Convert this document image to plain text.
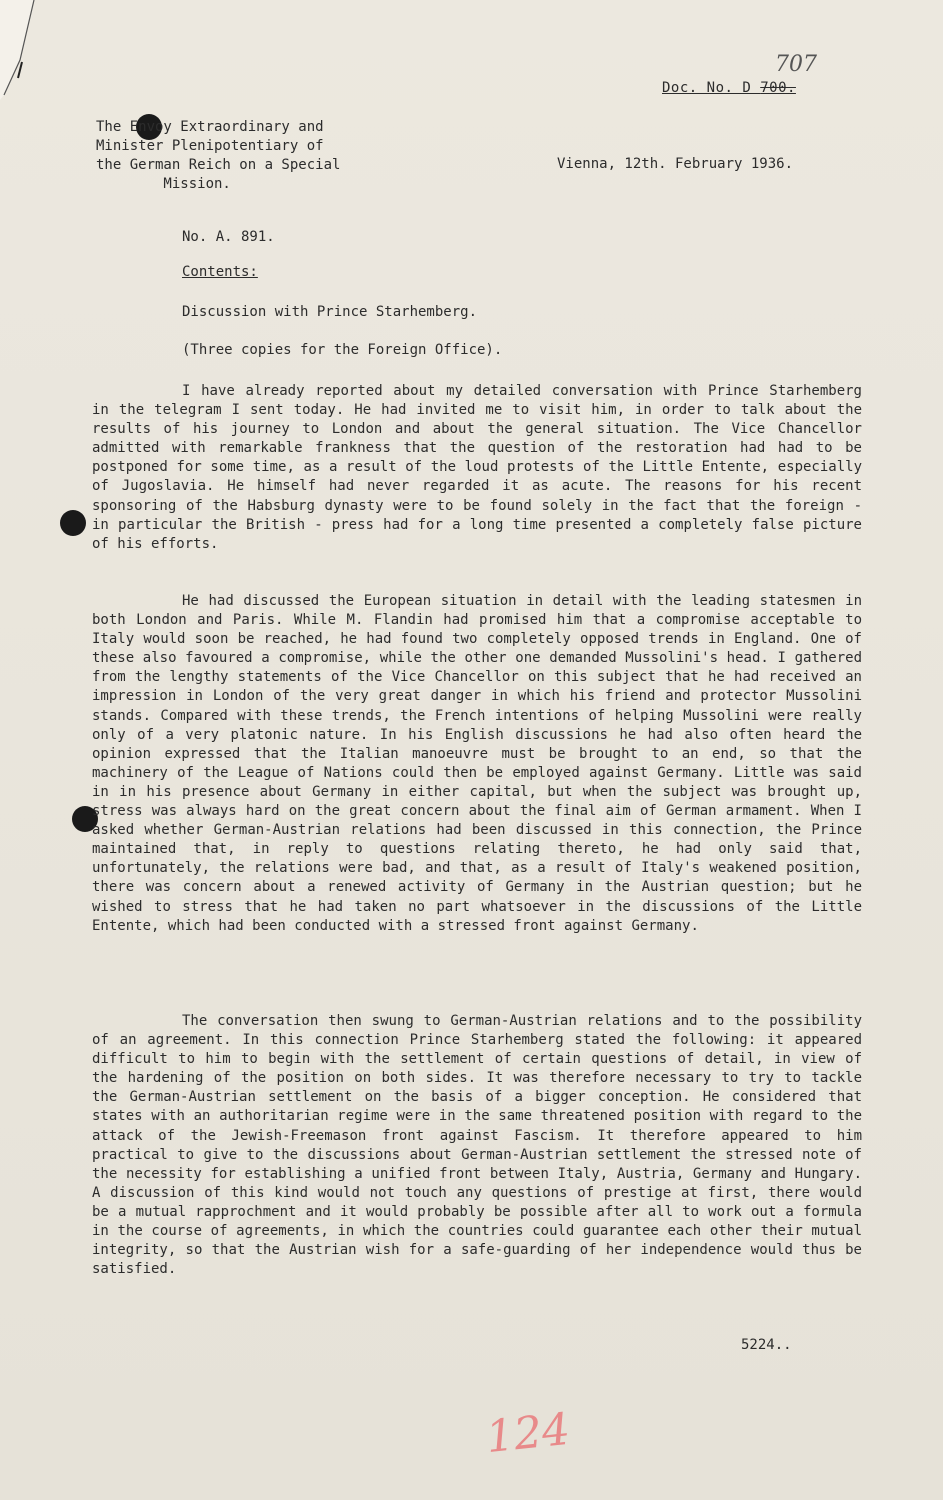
707
Doc. No. D 700.
The Envoy Extraordinary and
Minister Plenipotentiary of
the German Reich on a Special
Mission.
Vienna, 12th. February 1936.
No. A. 891.
Contents:
Discussion with Prince Starhemberg.
(Three copies for the Foreign Office).

I have already reported about my detailed conversation with Prince Starhemberg in the telegram I sent today. He had invited me to visit him, in order to talk about the results of his journey to London and about the general situation. The Vice Chancellor admitted with remarkable frankness that the question of the restoration had had to be postponed for some time, as a result of the loud protests of the Little Entente, especially of Jugoslavia. He himself had never regarded it as acute. The reasons for his recent sponsoring of the Habsburg dynasty were to be found solely in the fact that the foreign - in particular the British - press had for a long time presented a completely false picture of his efforts.

He had discussed the European situation in detail with the leading statesmen in both London and Paris. While M. Flandin had promised him that a compromise acceptable to Italy would soon be reached, he had found two completely opposed trends in England. One of these also favoured a compromise, while the other one demanded Mussolini's head. I gathered from the lengthy statements of the Vice Chancellor on this subject that he had received an impression in London of the very great danger in which his friend and protector Mussolini stands. Compared with these trends, the French intentions of helping Mussolini were really only of a very platonic nature. In his English discussions he had also often heard the opinion expressed that the Italian manoeuvre must be brought to an end, so that the machinery of the League of Nations could then be employed against Germany. Little was said in in his presence about Germany in either capital, but when the subject was brought up, stress was always hard on the great concern about the final aim of German armament. When I asked whether German-Austrian relations had been discussed in this connection, the Prince maintained that, in reply to questions relating thereto, he had only said that, unfortunately, the relations were bad, and that, as a result of Italy's weakened position, there was concern about a renewed activity of Germany in the Austrian question; but he wished to stress that he had taken no part whatsoever in the discussions of the Little Entente, which had been conducted with a stressed front against Germany.

The conversation then swung to German-Austrian relations and to the possibility of an agreement. In this connection Prince Starhemberg stated the following: it appeared difficult to him to begin with the settlement of certain questions of detail, in view of the hardening of the position on both sides. It was therefore necessary to try to tackle the German-Austrian settlement on the basis of a bigger conception. He considered that states with an authoritarian regime were in the same threatened position with regard to the attack of the Jewish-Freemason front against Fascism. It therefore appeared to him practical to give to the discussions about German-Austrian settlement the stressed note of the necessity for establishing a unified front between Italy, Austria, Germany and Hungary. A discussion of this kind would not touch any questions of prestige at first, there would be a mutual rapprochment and it would probably be possible after all to work out a formula in the course of agreements, in which the countries could guarantee each other their mutual integrity, so that the Austrian wish for a safe-guarding of her independence would thus be satisfied.

5224..
124
